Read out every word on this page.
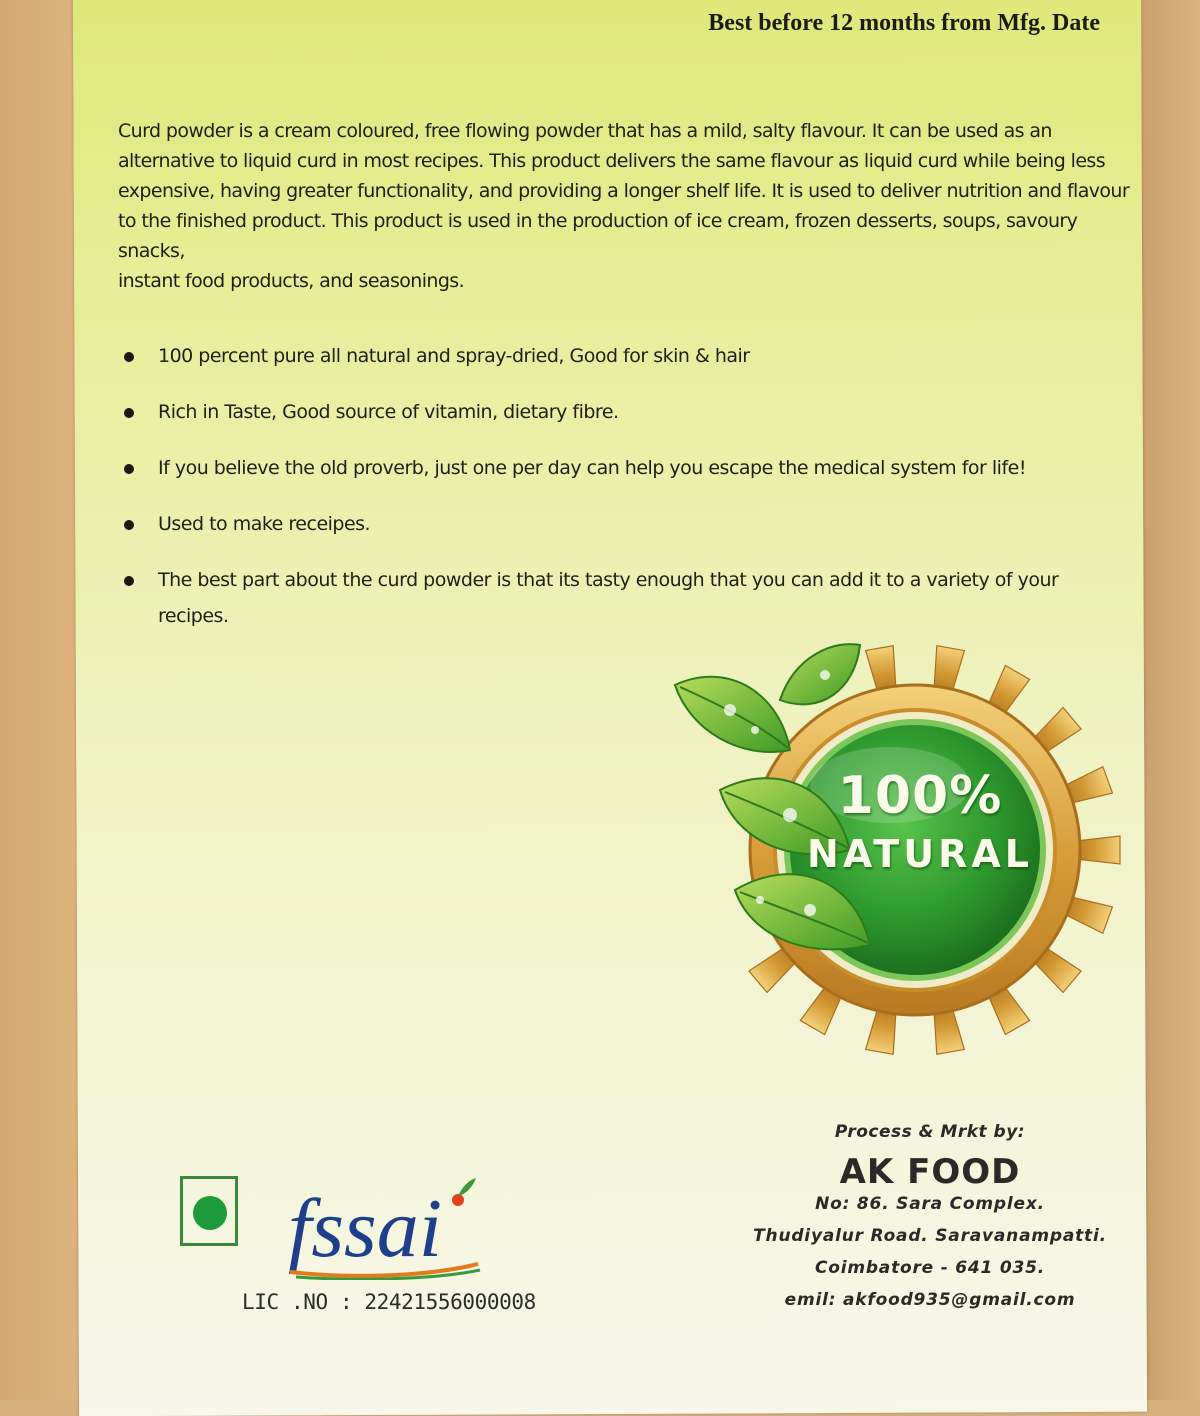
Best before 12 months from Mfg. Date
Curd powder is a cream coloured, free flowing powder that has a mild, salty flavour. It can be used as an
alternative to liquid curd in most recipes. This product delivers the same flavour as liquid curd while being less
expensive, having greater functionality, and providing a longer shelf life. It is used to deliver nutrition and flavour
to the finished product. This product is used in the production of ice cream, frozen desserts, soups, savoury snacks,
instant food products, and seasonings.
100 percent pure all natural and spray-dried, Good for skin & hair
Rich in Taste, Good source of vitamin, dietary fibre.
If you believe the old proverb, just one per day can help you escape the medical system for life!
Used to make receipes.
The best part about the curd powder is that its tasty enough that you can add it to a variety of your recipes.
100%
NATURAL
fssai
LIC .NO : 22421556000008
Process & Mrkt by:
AK FOOD
No: 86. Sara Complex.
Thudiyalur Road. Saravanampatti.
Coimbatore - 641 035.
emil: akfood935@gmail.com
